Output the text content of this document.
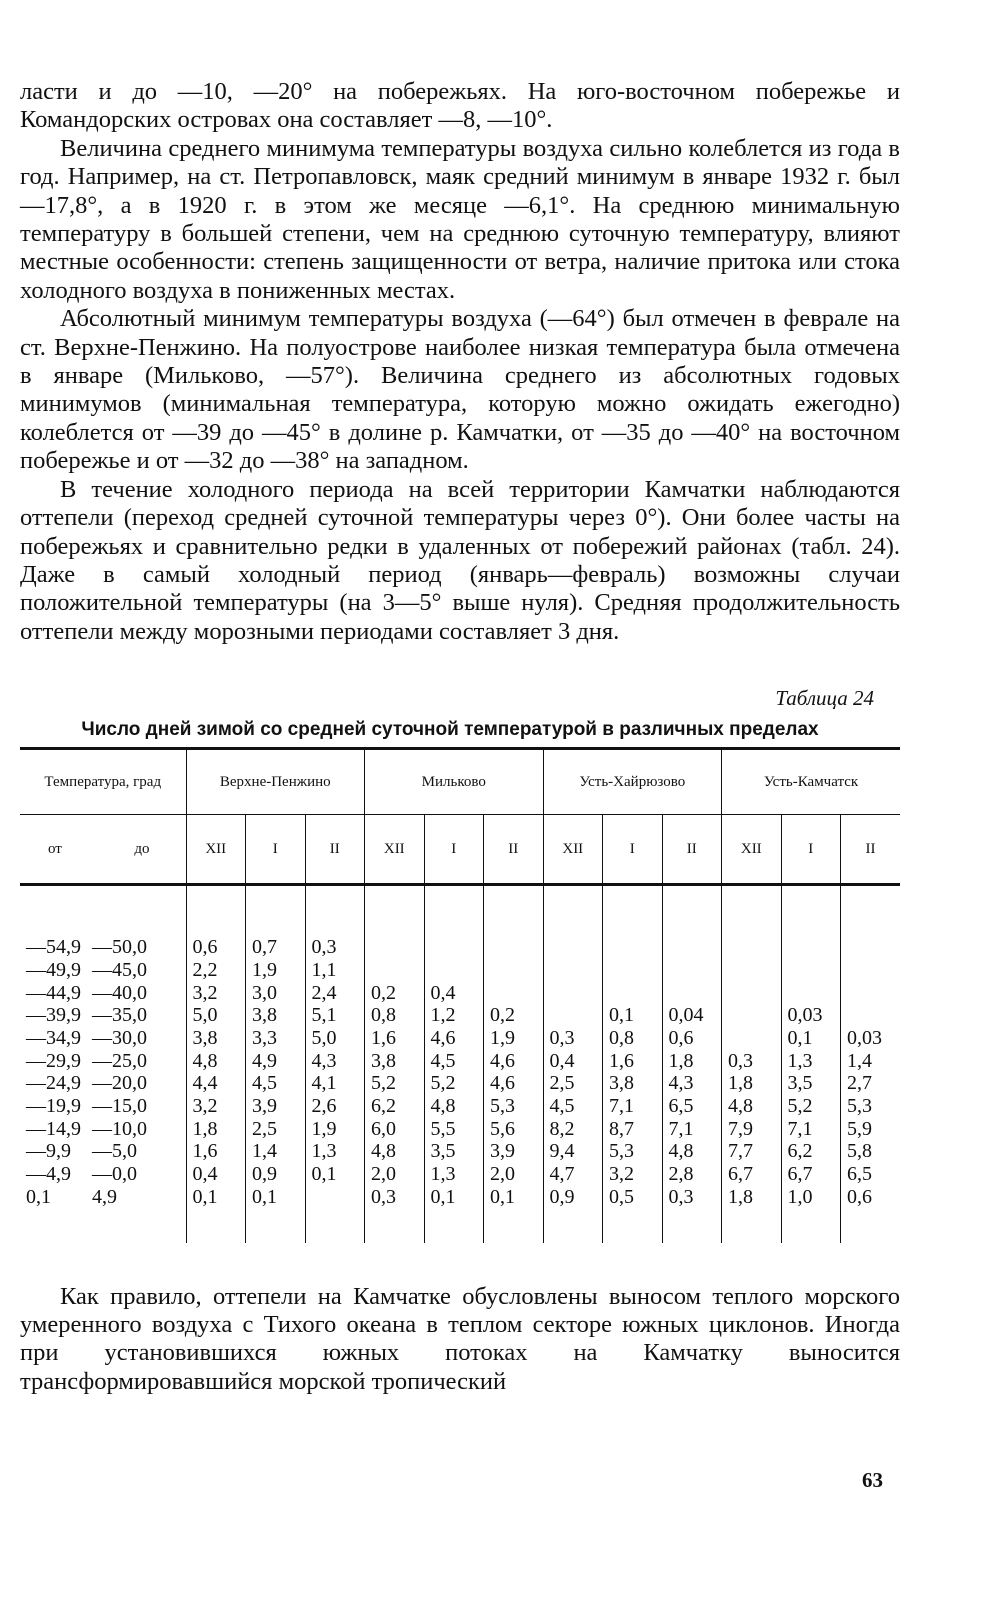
ласти и до —10, —20° на побережьях. На юго-восточном побережье и Командорских островах она составляет —8, —10°.

Величина среднего минимума температуры воздуха сильно колеблется из года в год. Например, на ст. Петропавловск, маяк средний минимум в январе 1932 г. был —17,8°, а в 1920 г. в этом же месяце —6,1°. На среднюю минимальную температуру в большей степени, чем на среднюю суточную температуру, влияют местные особенности: степень защищенности от ветра, наличие притока или стока холодного воздуха в пониженных местах.

Абсолютный минимум температуры воздуха (—64°) был отмечен в феврале на ст. Верхне-Пенжино. На полуострове наиболее низкая температура была отмечена в январе (Мильково, —57°). Величина среднего из абсолютных годовых минимумов (минимальная температура, которую можно ожидать ежегодно) колеблется от —39 до —45° в долине р. Камчатки, от —35 до —40° на восточном побережье и от —32 до —38° на западном.

В течение холодного периода на всей территории Камчатки наблюдаются оттепели (переход средней суточной температуры через 0°). Они более часты на побережьях и сравнительно редки в удаленных от побережий районах (табл. 24). Даже в самый холодный период (январь—февраль) возможны случаи положительной температуры (на 3—5° выше нуля). Средняя продолжительность оттепели между морозными периодами составляет 3 дня.

Таблица 24
Число дней зимой со средней суточной температурой в различных пределах
Температура, град	Верхне-Пенжино			Мильково			Усть-Хайрюзово			Усть-Камчатск		

от до	XII	I	II	XII	I	II	XII	I	II	XII	I	II

—54,9 —50,0	0,6	0,7	0,3									
—49,9 —45,0	2,2	1,9	1,1									
—44,9 —40,0	3,2	3,0	2,4	0,2	0,4							
—39,9 —35,0	5,0	3,8	5,1	0,8	1,2	0,2		0,1	0,04		0,03	
—34,9 —30,0	3,8	3,3	5,0	1,6	4,6	1,9	0,3	0,8	0,6		0,1	0,03
—29,9 —25,0	4,8	4,9	4,3	3,8	4,5	4,6	0,4	1,6	1,8	0,3	1,3	1,4
—24,9 —20,0	4,4	4,5	4,1	5,2	5,2	4,6	2,5	3,8	4,3	1,8	3,5	2,7
—19,9 —15,0	3,2	3,9	2,6	6,2	4,8	5,3	4,5	7,1	6,5	4,8	5,2	5,3
—14,9 —10,0	1,8	2,5	1,9	6,0	5,5	5,6	8,2	8,7	7,1	7,9	7,1	5,9
—9,9 —5,0	1,6	1,4	1,3	4,8	3,5	3,9	9,4	5,3	4,8	7,7	6,2	5,8
—4,9 —0,0	0,4	0,9	0,1	2,0	1,3	2,0	4,7	3,2	2,8	6,7	6,7	6,5
0,1 4,9	0,1	0,1		0,3	0,1	0,1	0,9	0,5	0,3	1,8	1,0	0,6

Как правило, оттепели на Камчатке обусловлены выносом теплого морского умеренного воздуха с Тихого океана в теплом секторе южных циклонов. Иногда при установившихся южных потоках на Камчатку выносится трансформировавшийся морской тропический

63
